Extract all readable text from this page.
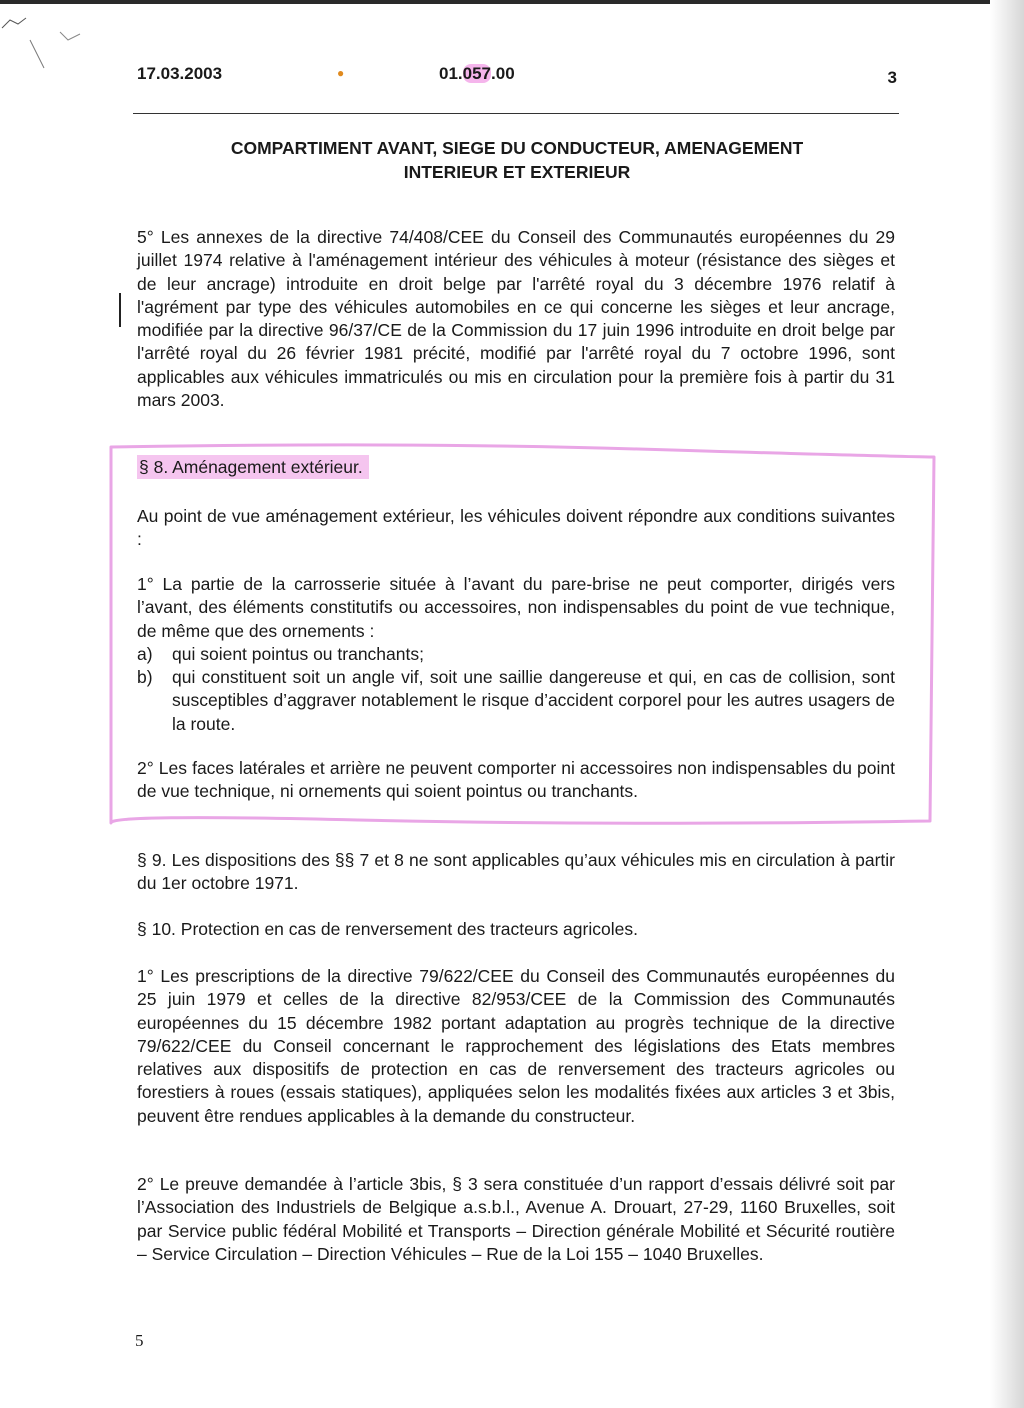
17.03.2003	●	01.057.00	3
COMPARTIMENT AVANT, SIEGE DU CONDUCTEUR, AMENAGEMENT
INTERIEUR ET EXTERIEUR
5° Les annexes de la directive 74/408/CEE du Conseil des Communautés européennes du 29 juillet 1974 relative à l'aménagement intérieur des véhicules à moteur (résistance des sièges et de leur ancrage) introduite en droit belge par l'arrêté royal du 3 décembre 1976 relatif à l'agrément par type des véhicules automobiles en ce qui concerne les sièges et leur ancrage, modifiée par la directive 96/37/CE de la Commission du 17 juin 1996 introduite en droit belge par l'arrêté royal du 26 février 1981 précité, modifié par l'arrêté royal du 7 octobre 1996, sont applicables aux véhicules immatriculés ou mis en circulation pour la première fois à partir du 31 mars 2003.
§ 8. Aménagement extérieur.
Au point de vue aménagement extérieur, les véhicules doivent répondre aux conditions suivantes :
1° La partie de la carrosserie située à l’avant du pare-brise ne peut comporter, dirigés vers l’avant, des éléments constitutifs ou accessoires, non indispensables du point de vue technique, de même que des ornements :
a) qui soient pointus ou tranchants;
b) qui constituent soit un angle vif, soit une saillie dangereuse et qui, en cas de collision, sont susceptibles d’aggraver notablement le risque d’accident corporel pour les autres usagers de la route.
2° Les faces latérales et arrière ne peuvent comporter ni accessoires non indispensables du point de vue technique, ni ornements qui soient pointus ou tranchants.
§ 9. Les dispositions des §§ 7 et 8 ne sont applicables qu’aux véhicules mis en circulation à partir du 1er octobre 1971.
§ 10. Protection en cas de renversement des tracteurs agricoles.
1° Les prescriptions de la directive 79/622/CEE du Conseil des Communautés européennes du 25 juin 1979 et celles de la directive 82/953/CEE de la Commission des Communautés européennes du 15 décembre 1982 portant adaptation au progrès technique de la directive 79/622/CEE du Conseil concernant le rapprochement des législations des Etats membres relatives aux dispositifs de protection en cas de renversement des tracteurs agricoles ou forestiers à roues (essais statiques), appliquées selon les modalités fixées aux articles 3 et 3bis, peuvent être rendues applicables à la demande du constructeur.
2° Le preuve demandée à l’article 3bis, § 3 sera constituée d’un rapport d’essais délivré soit par l’Association des Industriels de Belgique a.s.b.l., Avenue A. Drouart, 27-29, 1160 Bruxelles, soit par Service public fédéral Mobilité et Transports – Direction générale Mobilité et Sécurité routière – Service Circulation – Direction Véhicules – Rue de la Loi 155 – 1040 Bruxelles.
5
